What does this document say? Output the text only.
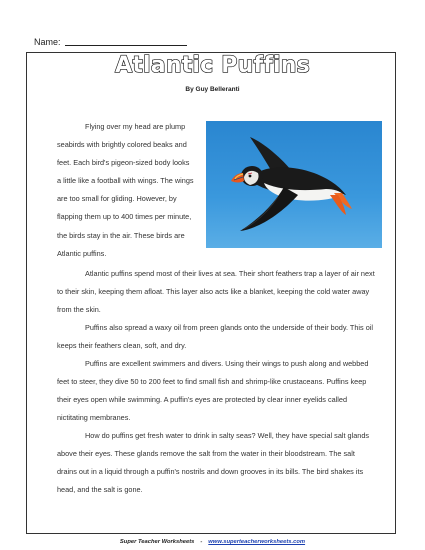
Name:
Atlantic Puffins
By Guy Belleranti

Flying over my head are plump seabirds with brightly colored beaks and feet. Each bird's pigeon-sized body looks a little like a football with wings. The wings are too small for gliding. However, by flapping them up to 400 times per minute, the birds stay in the air. These birds are Atlantic puffins.

Atlantic puffins spend most of their lives at sea. Their short feathers trap a layer of air next to their skin, keeping them afloat. This layer also acts like a blanket, keeping the cold water away from the skin.

Puffins also spread a waxy oil from preen glands onto the underside of their body. This oil keeps their feathers clean, soft, and dry.

Puffins are excellent swimmers and divers. Using their wings to push along and webbed feet to steer, they dive 50 to 200 feet to find small fish and shrimp-like crustaceans. Puffins keep their eyes open while swimming. A puffin's eyes are protected by clear inner eyelids called nictitating membranes.

How do puffins get fresh water to drink in salty seas? Well, they have special salt glands above their eyes. These glands remove the salt from the water in their bloodstream. The salt drains out in a liquid through a puffin's nostrils and down grooves in its bills. The bird shakes its head, and the salt is gone.

Super Teacher Worksheets - www.superteacherworksheets.com
